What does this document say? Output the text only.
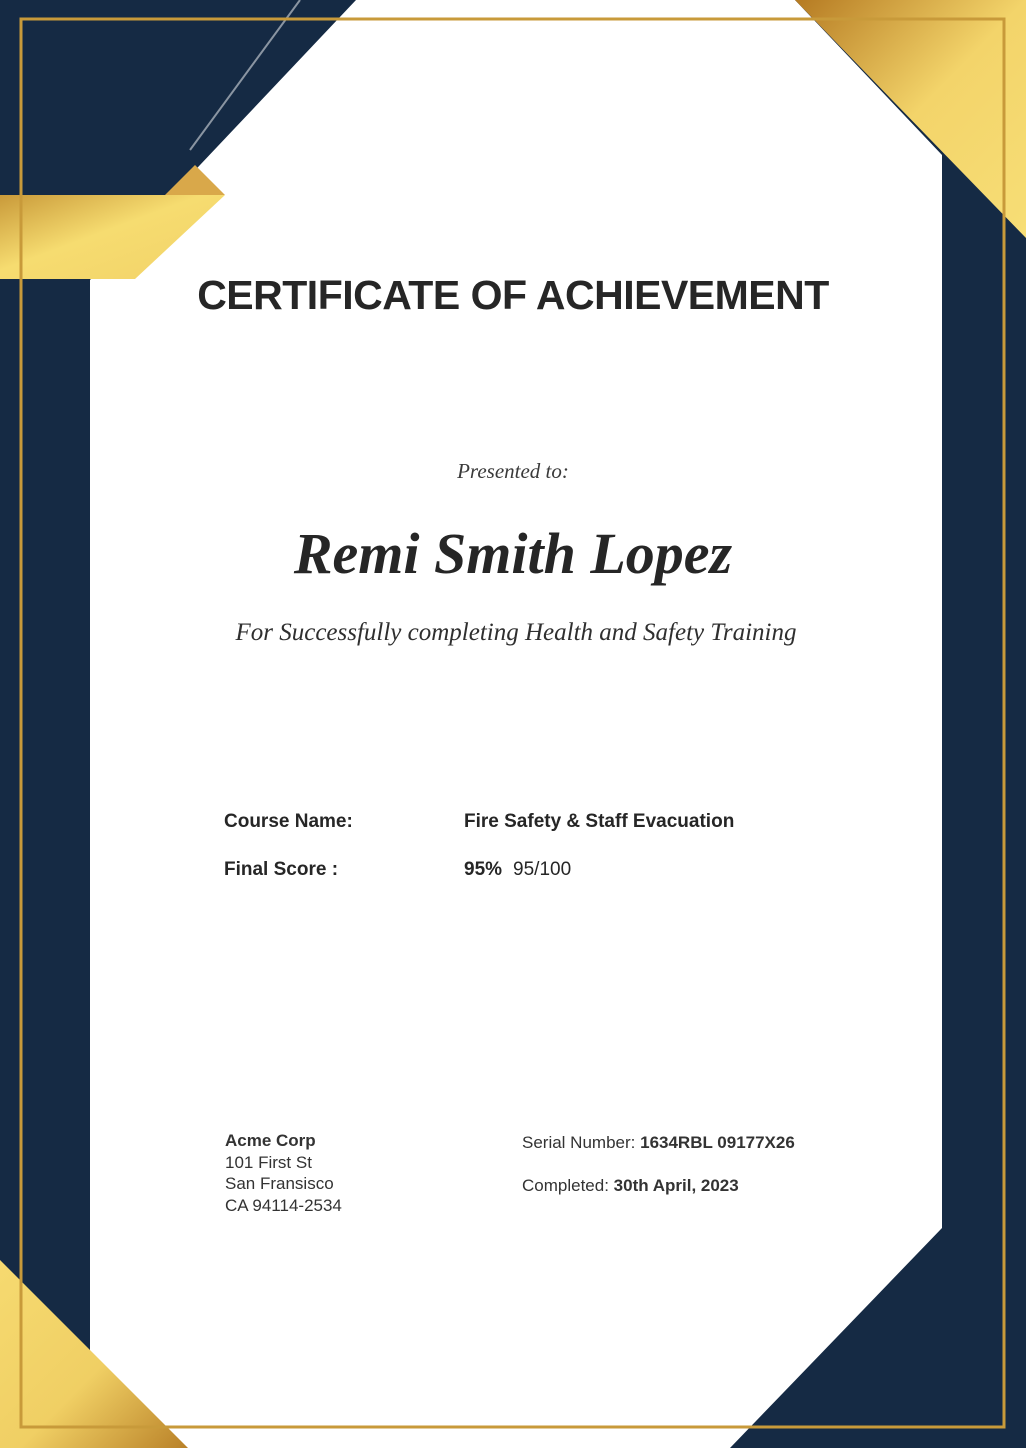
CERTIFICATE OF ACHIEVEMENT
Presented to:
Remi Smith Lopez
For Successfully completing Health and Safety Training
Course Name:	Fire Safety & Staff Evacuation
Final Score :	95% 95/100
Acme Corp
101 First St
San Fransisco
CA 94114-2534
Serial Number: 1634RBL 09177X26
Completed: 30th April, 2023
